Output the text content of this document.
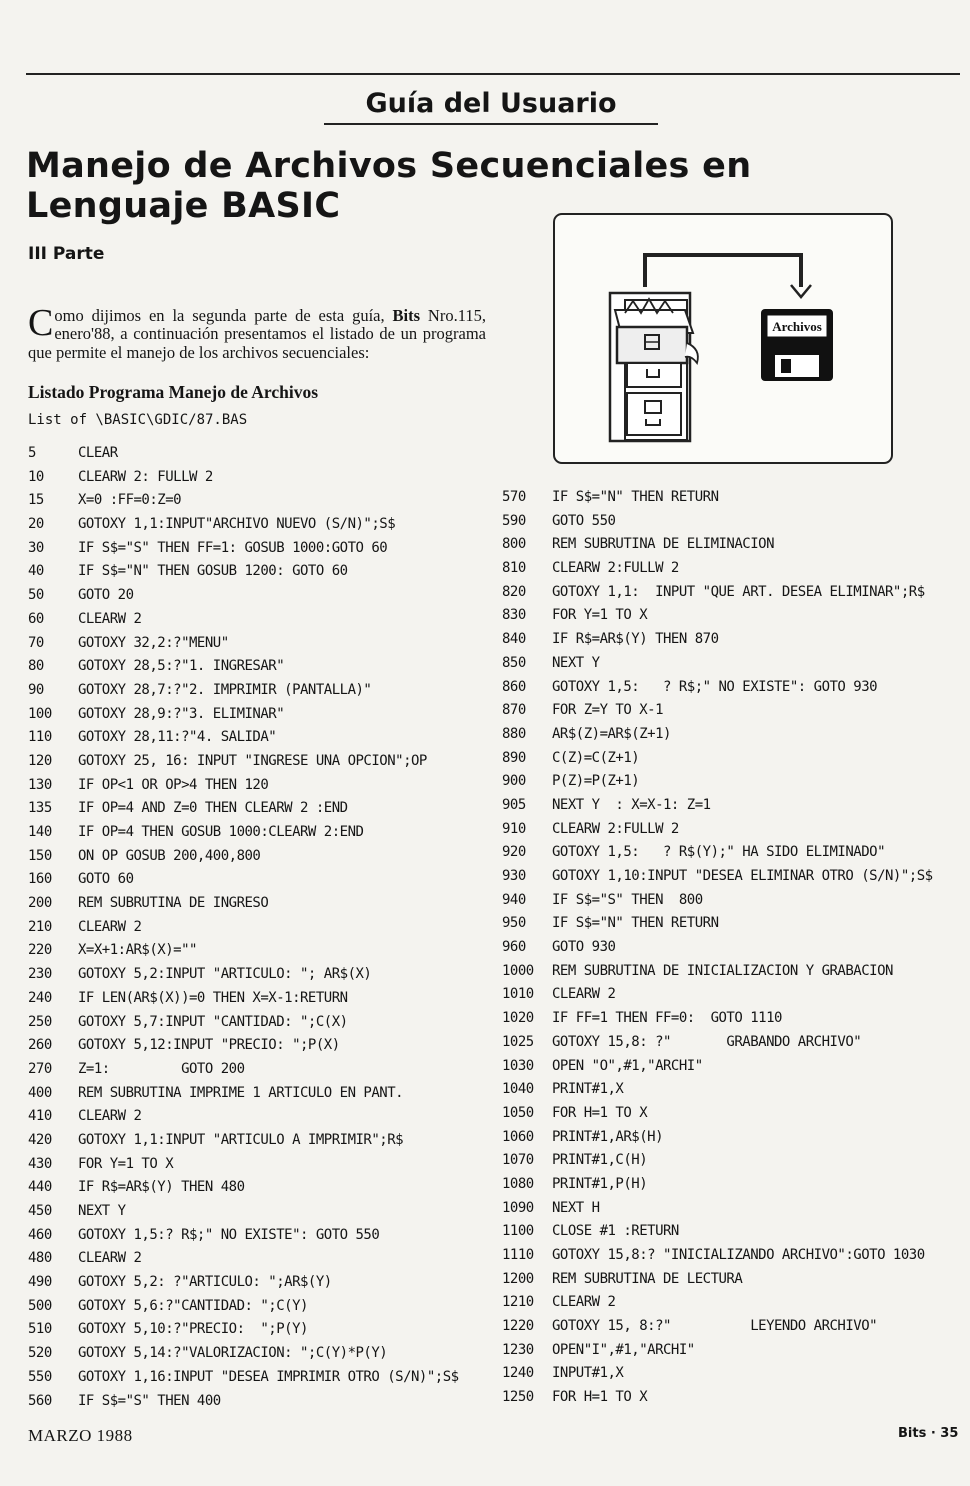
Guía del Usuario
Manejo de Archivos Secuenciales en
Lenguaje BASIC
III Parte

Como dijimos en la segunda parte de esta guía, Bits Nro.115, enero'88, a continuación presentamos el listado de un programa que permite el manejo de los archivos secuenciales:

Listado Programa Manejo de Archivos
List of \BASIC\GDIC/87.BAS
5	CLEAR
10 CLEARW 2: FULLW 2
15 X=0 :FF=0:Z=0
20 GOTOXY 1,1:INPUT"ARCHIVO NUEVO (S/N)";S$
30 IF S$="S" THEN FF=1: GOSUB 1000:GOTO 60
40 IF S$="N" THEN GOSUB 1200: GOTO 60
50 GOTO 20
60 CLEARW 2
70 GOTOXY 32,2:?"MENU"
80 GOTOXY 28,5:?"1. INGRESAR"
90 GOTOXY 28,7:?"2. IMPRIMIR (PANTALLA)"
100 GOTOXY 28,9:?"3. ELIMINAR"
110 GOTOXY 28,11:?"4. SALIDA"
120 GOTOXY 25, 16: INPUT "INGRESE UNA OPCION";OP
130 IF OP<1 OR OP>4 THEN 120
135 IF OP=4 AND Z=0 THEN CLEARW 2 :END
140 IF OP=4 THEN GOSUB 1000:CLEARW 2:END
150 ON OP GOSUB 200,400,800
160 GOTO 60
200 REM SUBRUTINA DE INGRESO
210 CLEARW 2
220 X=X+1:AR$(X)=""
230 GOTOXY 5,2:INPUT "ARTICULO: "; AR$(X)
240 IF LEN(AR$(X))=0 THEN X=X-1:RETURN
250 GOTOXY 5,7:INPUT "CANTIDAD: ";C(X)
260 GOTOXY 5,12:INPUT "PRECIO: ";P(X)
270 Z=1:         GOTO 200
400 REM SUBRUTINA IMPRIME 1 ARTICULO EN PANT.
410 CLEARW 2
420 GOTOXY 1,1:INPUT "ARTICULO A IMPRIMIR";R$
430 FOR Y=1 TO X
440 IF R$=AR$(Y) THEN 480
450 NEXT Y
460 GOTOXY 1,5:? R$;" NO EXISTE": GOTO 550
480 CLEARW 2
490 GOTOXY 5,2: ?"ARTICULO: ";AR$(Y)
500 GOTOXY 5,6:?"CANTIDAD: ";C(Y)
510 GOTOXY 5,10:?"PRECIO:  ";P(Y)
520 GOTOXY 5,14:?"VALORIZACION: ";C(Y)*P(Y)
550 GOTOXY 1,16:INPUT "DESEA IMPRIMIR OTRO (S/N)";S$
560 IF S$="S" THEN 400
570 IF S$="N" THEN RETURN
590 GOTO 550
800 REM SUBRUTINA DE ELIMINACION
810 CLEARW 2:FULLW 2
820 GOTOXY 1,1:  INPUT "QUE ART. DESEA ELIMINAR";R$
830 FOR Y=1 TO X
840 IF R$=AR$(Y) THEN 870
850 NEXT Y
860 GOTOXY 1,5:   ? R$;" NO EXISTE": GOTO 930
870 FOR Z=Y TO X-1
880 AR$(Z)=AR$(Z+1)
890 C(Z)=C(Z+1)
900 P(Z)=P(Z+1)
905 NEXT Y  : X=X-1: Z=1
910 CLEARW 2:FULLW 2
920 GOTOXY 1,5:   ? R$(Y);" HA SIDO ELIMINADO"
930 GOTOXY 1,10:INPUT "DESEA ELIMINAR OTRO (S/N)";S$
940 IF S$="S" THEN  800
950 IF S$="N" THEN RETURN
960 GOTO 930
1000 REM SUBRUTINA DE INICIALIZACION Y GRABACION
1010 CLEARW 2
1020 IF FF=1 THEN FF=0:  GOTO 1110
1025 GOTOXY 15,8: ?"       GRABANDO ARCHIVO"
1030 OPEN "O",#1,"ARCHI"
1040 PRINT#1,X
1050 FOR H=1 TO X
1060 PRINT#1,AR$(H)
1070 PRINT#1,C(H)
1080 PRINT#1,P(H)
1090 NEXT H
1100 CLOSE #1 :RETURN
1110 GOTOXY 15,8:? "INICIALIZANDO ARCHIVO":GOTO 1030
1200 REM SUBRUTINA DE LECTURA
1210 CLEARW 2
1220 GOTOXY 15, 8:?"          LEYENDO ARCHIVO"
1230 OPEN"I",#1,"ARCHI"
1240 INPUT#1,X
1250 FOR H=1 TO X
Archivos
MARZO 1988	Bits · 35
